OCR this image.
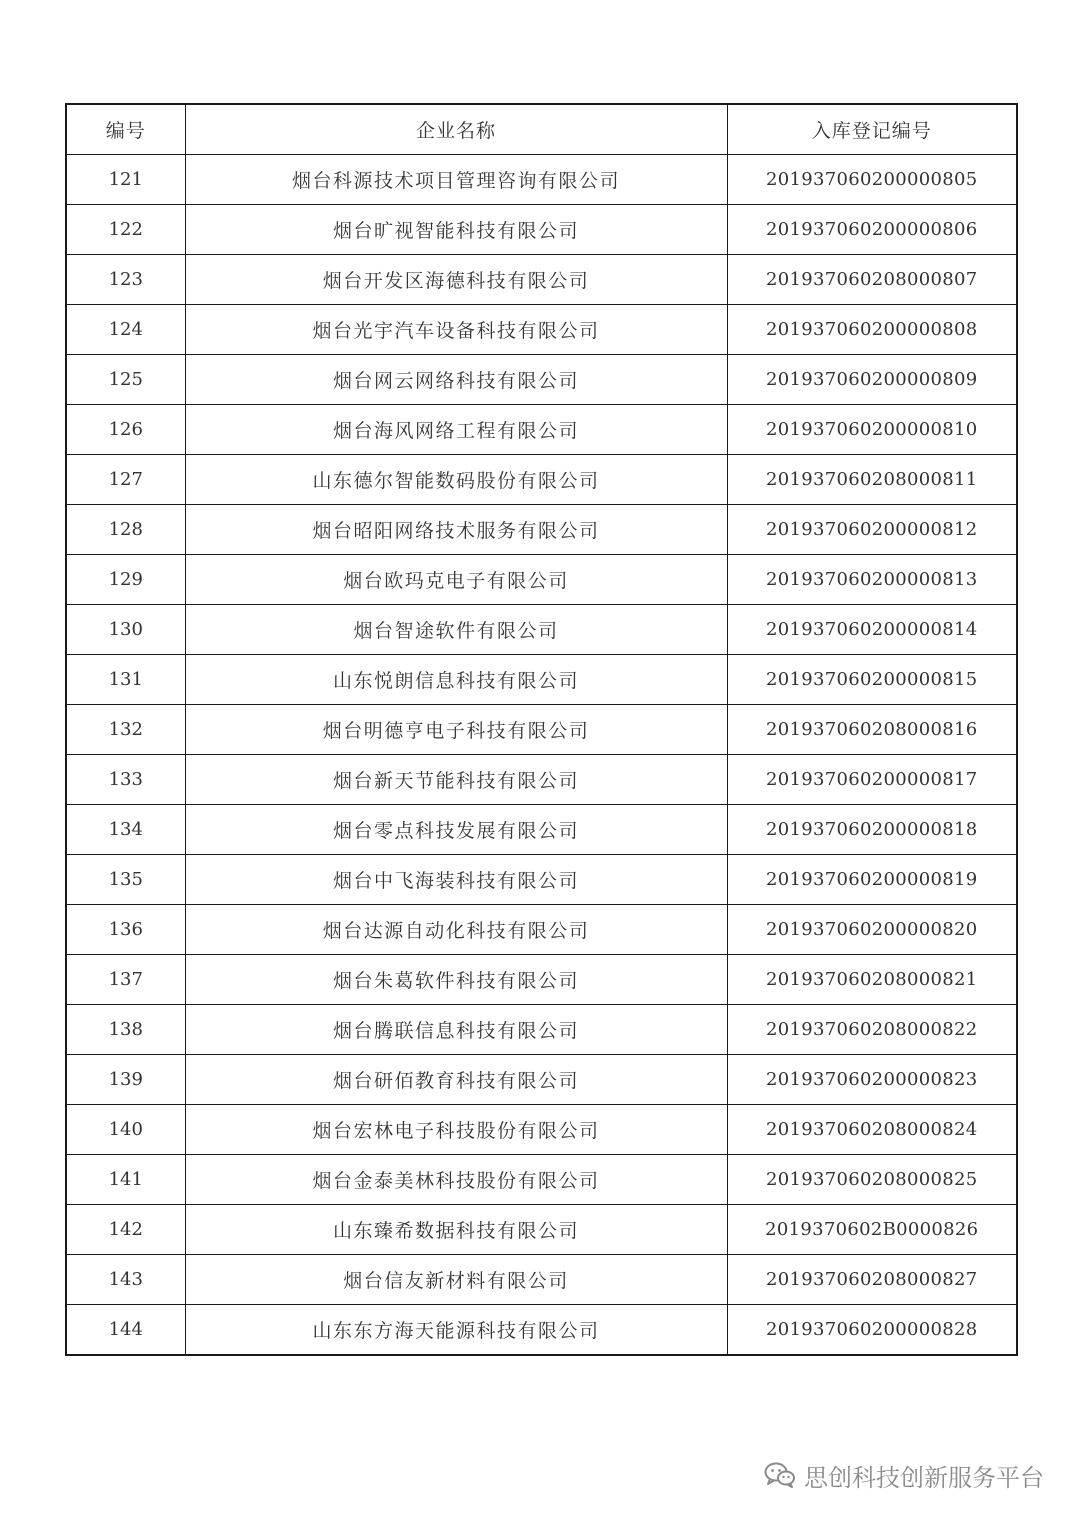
编号	企业名称	入库登记编号
121	烟台科源技术项目管理咨询有限公司	201937060200000805
122	烟台旷视智能科技有限公司	201937060200000806
123	烟台开发区海德科技有限公司	201937060208000807
124	烟台光宇汽车设备科技有限公司	201937060200000808
125	烟台网云网络科技有限公司	201937060200000809
126	烟台海风网络工程有限公司	201937060200000810
127	山东德尔智能数码股份有限公司	201937060208000811
128	烟台昭阳网络技术服务有限公司	201937060200000812
129	烟台欧玛克电子有限公司	201937060200000813
130	烟台智途软件有限公司	201937060200000814
131	山东悦朗信息科技有限公司	201937060200000815
132	烟台明德亨电子科技有限公司	201937060208000816
133	烟台新天节能科技有限公司	201937060200000817
134	烟台零点科技发展有限公司	201937060200000818
135	烟台中飞海装科技有限公司	201937060200000819
136	烟台达源自动化科技有限公司	201937060200000820
137	烟台朱葛软件科技有限公司	201937060208000821
138	烟台腾联信息科技有限公司	201937060208000822
139	烟台研佰教育科技有限公司	201937060200000823
140	烟台宏林电子科技股份有限公司	201937060208000824
141	烟台金泰美林科技股份有限公司	201937060208000825
142	山东臻希数据科技有限公司	2019370602B0000826
143	烟台信友新材料有限公司	201937060208000827
144	山东东方海天能源科技有限公司	201937060200000828
思创科技创新服务平台
